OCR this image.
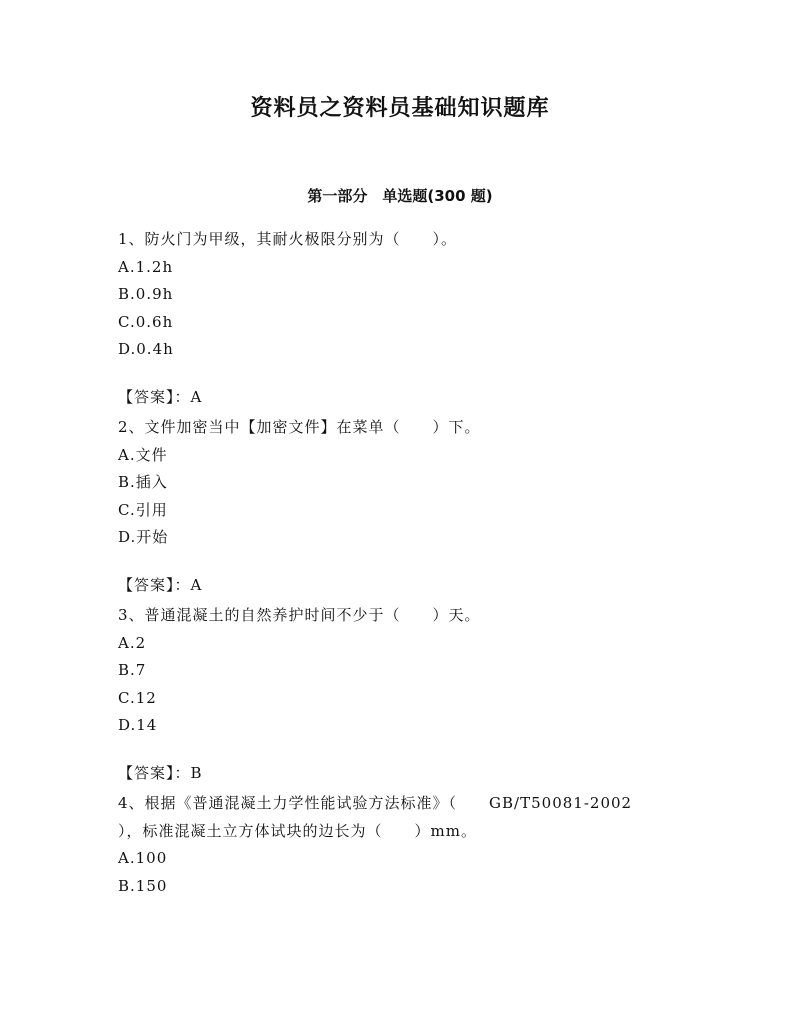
资料员之资料员基础知识题库
第一部分　单选题(300 题)
1、防火门为甲级，其耐火极限分别为（　　）。
A.1.2h
B.0.9h
C.0.6h
D.0.4h
【答案】：A
2、文件加密当中【加密文件】在菜单（　　）下。
A.文件
B.插入
C.引用
D.开始
【答案】：A
3、普通混凝土的自然养护时间不少于（　　）天。
A.2
B.7
C.12
D.14
【答案】：B
4、根据《普通混凝土力学性能试验方法标准》（　　GB/T50081-2002
），标准混凝土立方体试块的边长为（　　）mm。
A.100
B.150
